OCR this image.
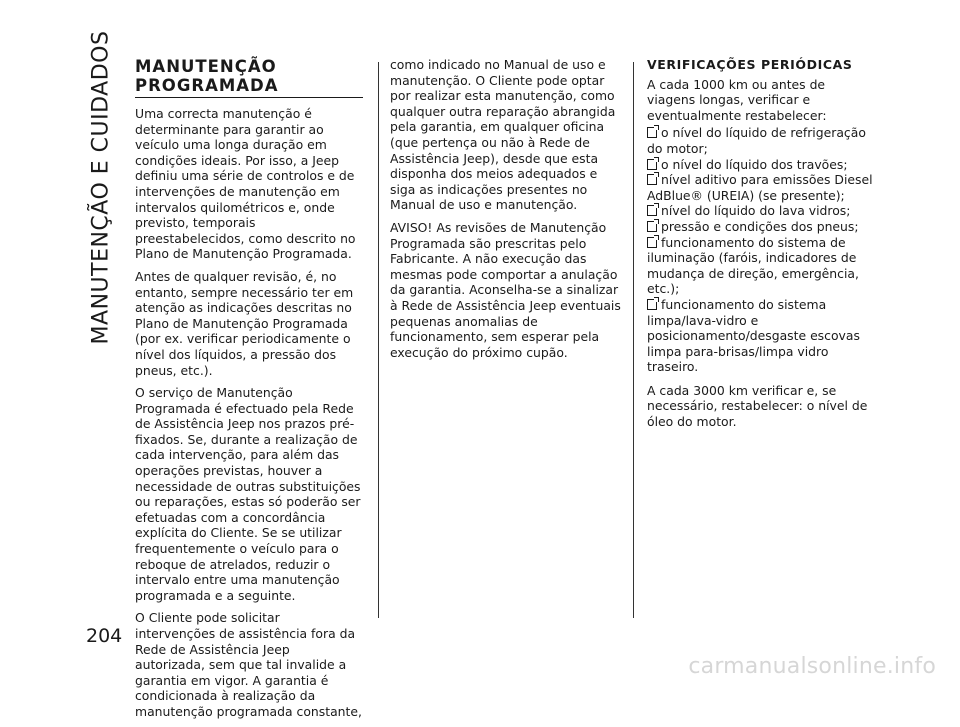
MANUTENÇÃO E CUIDADOS
204
MANUTENÇÃO
PROGRAMADA

Uma correcta manutenção é determinante para garantir ao veículo uma longa duração em condições ideais. Por isso, a Jeep definiu uma série de controlos e de intervenções de manutenção em intervalos quilométricos e, onde previsto, temporais preestabelecidos, como descrito no Plano de Manutenção Programada.

Antes de qualquer revisão, é, no entanto, sempre necessário ter em atenção as indicações descritas no Plano de Manutenção Programada (por ex. verificar periodicamente o nível dos líquidos, a pressão dos pneus, etc.).

O serviço de Manutenção Programada é efectuado pela Rede de Assistência Jeep nos prazos pré-fixados. Se, durante a realização de cada intervenção, para além das operações previstas, houver a necessidade de outras substituições ou reparações, estas só poderão ser efetuadas com a concordância explícita do Cliente. Se se utilizar frequentemente o veículo para o reboque de atrelados, reduzir o intervalo entre uma manutenção programada e a seguinte.

O Cliente pode solicitar intervenções de assistência fora da Rede de Assistência Jeep autorizada, sem que tal invalide a garantia em vigor. A garantia é condicionada à realização da manutenção programada constante,

como indicado no Manual de uso e manutenção. O Cliente pode optar por realizar esta manutenção, como qualquer outra reparação abrangida pela garantia, em qualquer oficina (que pertença ou não à Rede de Assistência Jeep), desde que esta disponha dos meios adequados e siga as indicações presentes no Manual de uso e manutenção.

AVISO! As revisões de Manutenção Programada são prescritas pelo Fabricante. A não execução das mesmas pode comportar a anulação da garantia. Aconselha-se a sinalizar à Rede de Assistência Jeep eventuais pequenas anomalias de funcionamento, sem esperar pela execução do próximo cupão.

VERIFICAÇÕES PERIÓDICAS

A cada 1000 km ou antes de viagens longas, verificar e eventualmente restabelecer:

o nível do líquido de refrigeração do motor;
o nível do líquido dos travões;
nível aditivo para emissões Diesel AdBlue® (UREIA) (se presente);
nível do líquido do lava vidros;
pressão e condições dos pneus;
funcionamento do sistema de iluminação (faróis, indicadores de mudança de direção, emergência, etc.);
funcionamento do sistema limpa/lava-vidro e posicionamento/desgaste escovas limpa para-brisas/limpa vidro traseiro.

A cada 3000 km verificar e, se necessário, restabelecer: o nível de óleo do motor.

carmanualsonline.info
